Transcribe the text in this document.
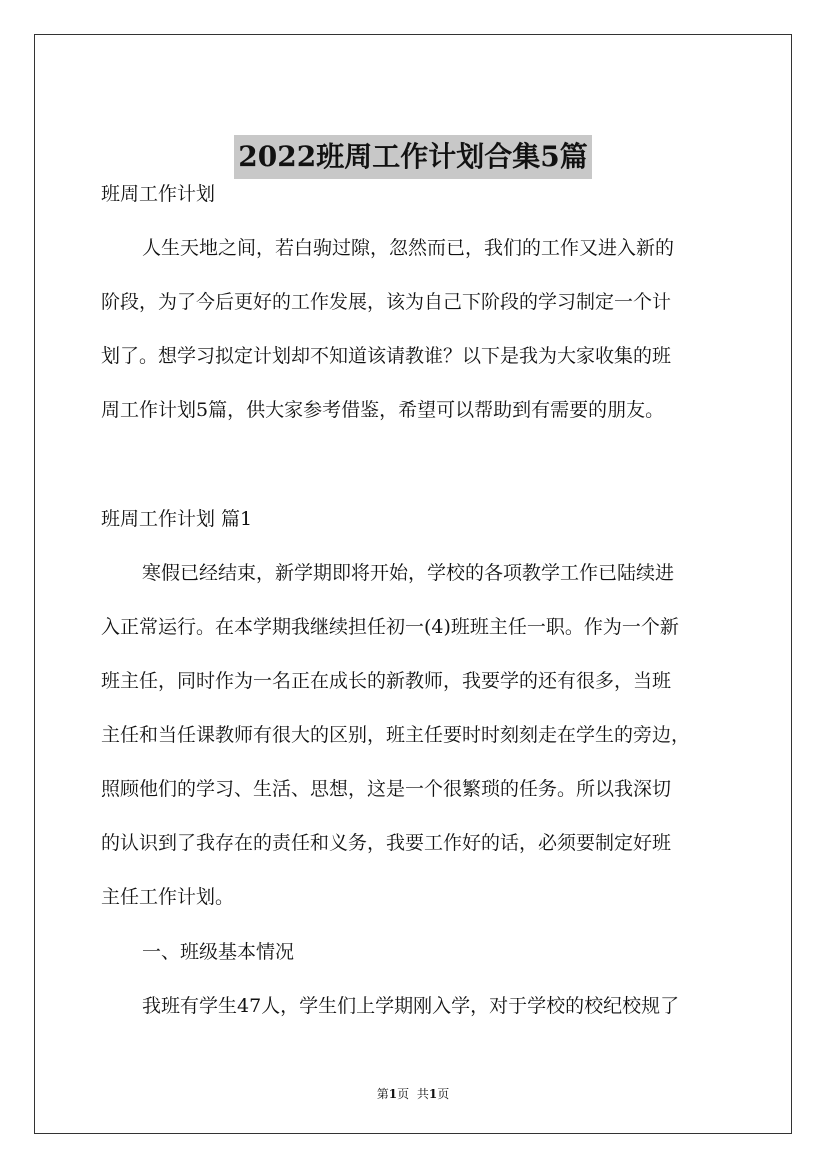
2022班周工作计划合集5篇
班周工作计划
人生天地之间，若白驹过隙，忽然而已，我们的工作又进入新的
阶段，为了今后更好的工作发展，该为自己下阶段的学习制定一个计
划了。想学习拟定计划却不知道该请教谁？以下是我为大家收集的班
周工作计划5篇，供大家参考借鉴，希望可以帮助到有需要的朋友。
班周工作计划 篇1
寒假已经结束，新学期即将开始，学校的各项教学工作已陆续进
入正常运行。在本学期我继续担任初一(4)班班主任一职。作为一个新
班主任，同时作为一名正在成长的新教师，我要学的还有很多，当班
主任和当任课教师有很大的区别，班主任要时时刻刻走在学生的旁边，
照顾他们的学习、生活、思想，这是一个很繁琐的任务。所以我深切
的认识到了我存在的责任和义务，我要工作好的话，必须要制定好班
主任工作计划。
一、班级基本情况
我班有学生47人，学生们上学期刚入学，对于学校的校纪校规了
第1页 共1页
